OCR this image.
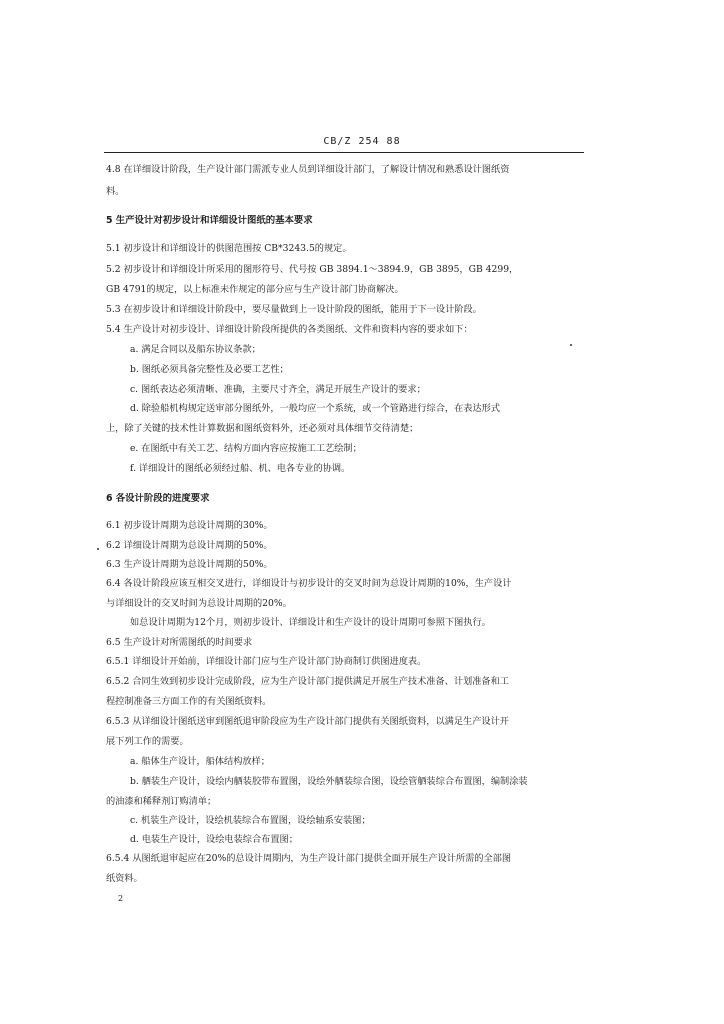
CB/Z 254 88
4.8 在详细设计阶段，生产设计部门需派专业人员到详细设计部门，了解设计情况和熟悉设计图纸资
料。
5 生产设计对初步设计和详细设计图纸的基本要求
5.1 初步设计和详细设计的供图范围按 CB*3243.5的规定。
5.2 初步设计和详细设计所采用的图形符号、代号按 GB 3894.1～3894.9，GB 3895，GB 4299，
GB 4791的规定，以上标准未作规定的部分应与生产设计部门协商解决。
5.3 在初步设计和详细设计阶段中，要尽量做到上一设计阶段的图纸，能用于下一设计阶段。
5.4 生产设计对初步设计、详细设计阶段所提供的各类图纸、文件和资料内容的要求如下：
a. 满足合同以及船东协议条款；
b. 图纸必须具备完整性及必要工艺性；
c. 图纸表达必须清晰、准确，主要尺寸齐全，满足开展生产设计的要求；
d. 除验船机构规定送审部分图纸外，一般均应一个系统，或一个管路进行综合，在表达形式
上，除了关键的技术性计算数据和图纸资料外，还必须对具体细节交待清楚；
e. 在图纸中有关工艺、结构方面内容应按施工工艺绘制；
f. 详细设计的图纸必须经过船、机、电各专业的协调。
6 各设计阶段的进度要求
6.1 初步设计周期为总设计周期的30%。
6.2 详细设计周期为总设计周期的50%。
6.3 生产设计周期为总设计周期的50%。
6.4 各设计阶段应该互相交叉进行，详细设计与初步设计的交叉时间为总设计周期的10%，生产设计
与详细设计的交叉时间为总设计周期的20%。
如总设计周期为12个月，则初步设计、详细设计和生产设计的设计周期可参照下图执行。
6.5 生产设计对所需图纸的时间要求
6.5.1 详细设计开始前，详细设计部门应与生产设计部门协商制订供图进度表。
6.5.2 合同生效到初步设计完成阶段，应为生产设计部门提供满足开展生产技术准备、计划准备和工
程控制准备三方面工作的有关图纸资料。
6.5.3 从详细设计图纸送审到图纸退审阶段应为生产设计部门提供有关图纸资料，以满足生产设计开
展下列工作的需要。
a. 船体生产设计，船体结构放样；
b. 舾装生产设计，设绘内舾装胶带布置图，设绘外舾装综合图，设绘管舾装综合布置图，编制涂装
的油漆和稀释剂订购清单；
c. 机装生产设计，设绘机装综合布置图，设绘轴系安装图；
d. 电装生产设计，设绘电装综合布置图；
6.5.4 从图纸退审起应在20%的总设计周期内，为生产设计部门提供全面开展生产设计所需的全部图
纸资料。
2
